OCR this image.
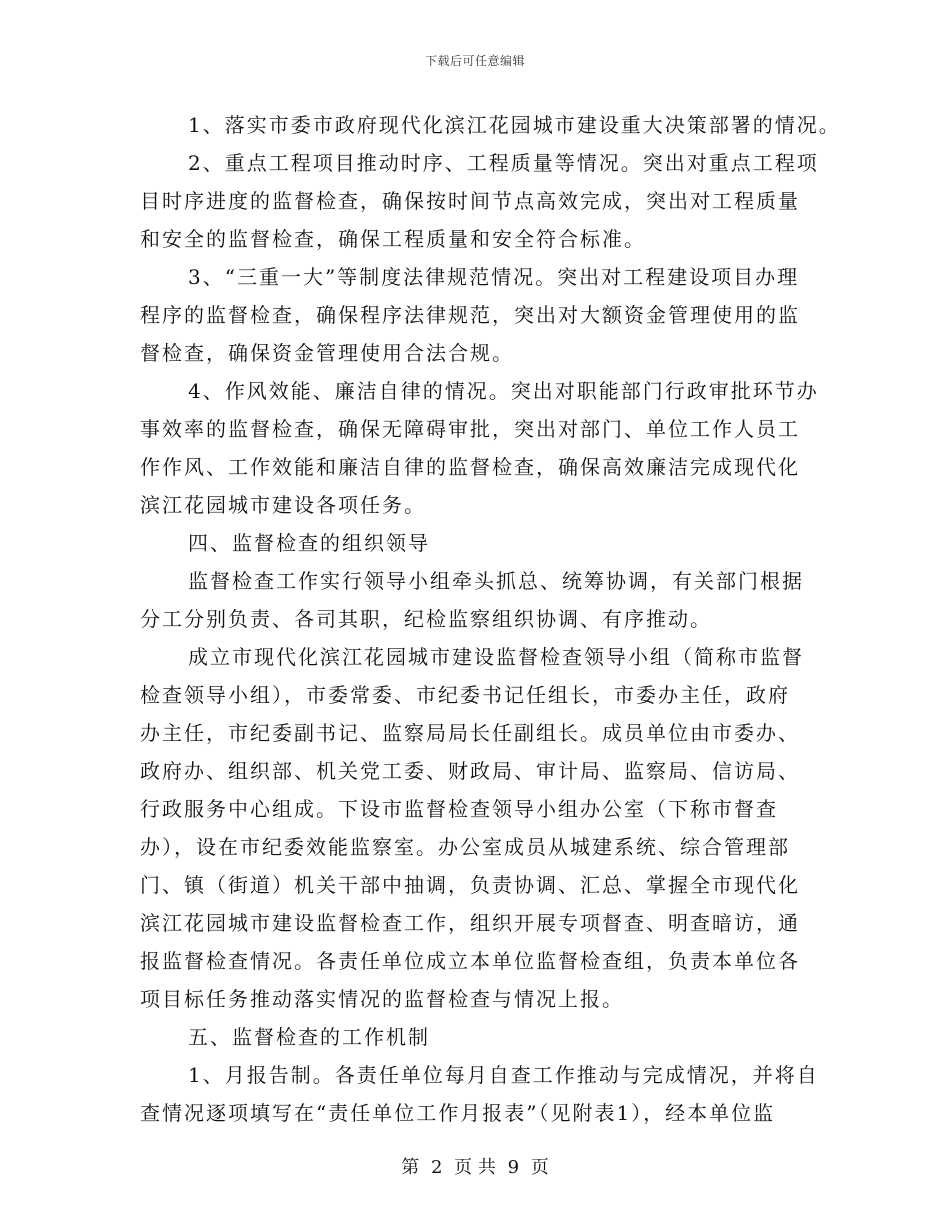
下载后可任意编辑
1、落实市委市政府现代化滨江花园城市建设重大决策部署的情况。
2、重点工程项目推动时序、工程质量等情况。突出对重点工程项
目时序进度的监督检查，确保按时间节点高效完成，突出对工程质量
和安全的监督检查，确保工程质量和安全符合标准。
3、“三重一大”等制度法律规范情况。突出对工程建设项目办理
程序的监督检查，确保程序法律规范，突出对大额资金管理使用的监
督检查，确保资金管理使用合法合规。
4、作风效能、廉洁自律的情况。突出对职能部门行政审批环节办
事效率的监督检查，确保无障碍审批，突出对部门、单位工作人员工
作作风、工作效能和廉洁自律的监督检查，确保高效廉洁完成现代化
滨江花园城市建设各项任务。
四、监督检查的组织领导
监督检查工作实行领导小组牵头抓总、统筹协调，有关部门根据
分工分别负责、各司其职，纪检监察组织协调、有序推动。
成立市现代化滨江花园城市建设监督检查领导小组（简称市监督
检查领导小组），市委常委、市纪委书记任组长，市委办主任，政府
办主任，市纪委副书记、监察局局长任副组长。成员单位由市委办、
政府办、组织部、机关党工委、财政局、审计局、监察局、信访局、
行政服务中心组成。下设市监督检查领导小组办公室（下称市督查
办），设在市纪委效能监察室。办公室成员从城建系统、综合管理部
门、镇（街道）机关干部中抽调，负责协调、汇总、掌握全市现代化
滨江花园城市建设监督检查工作，组织开展专项督查、明查暗访，通
报监督检查情况。各责任单位成立本单位监督检查组，负责本单位各
项目标任务推动落实情况的监督检查与情况上报。
五、监督检查的工作机制
1、月报告制。各责任单位每月自查工作推动与完成情况，并将自
查情况逐项填写在“责任单位工作月报表”（见附表1），经本单位监
第 2 页 共 9 页
